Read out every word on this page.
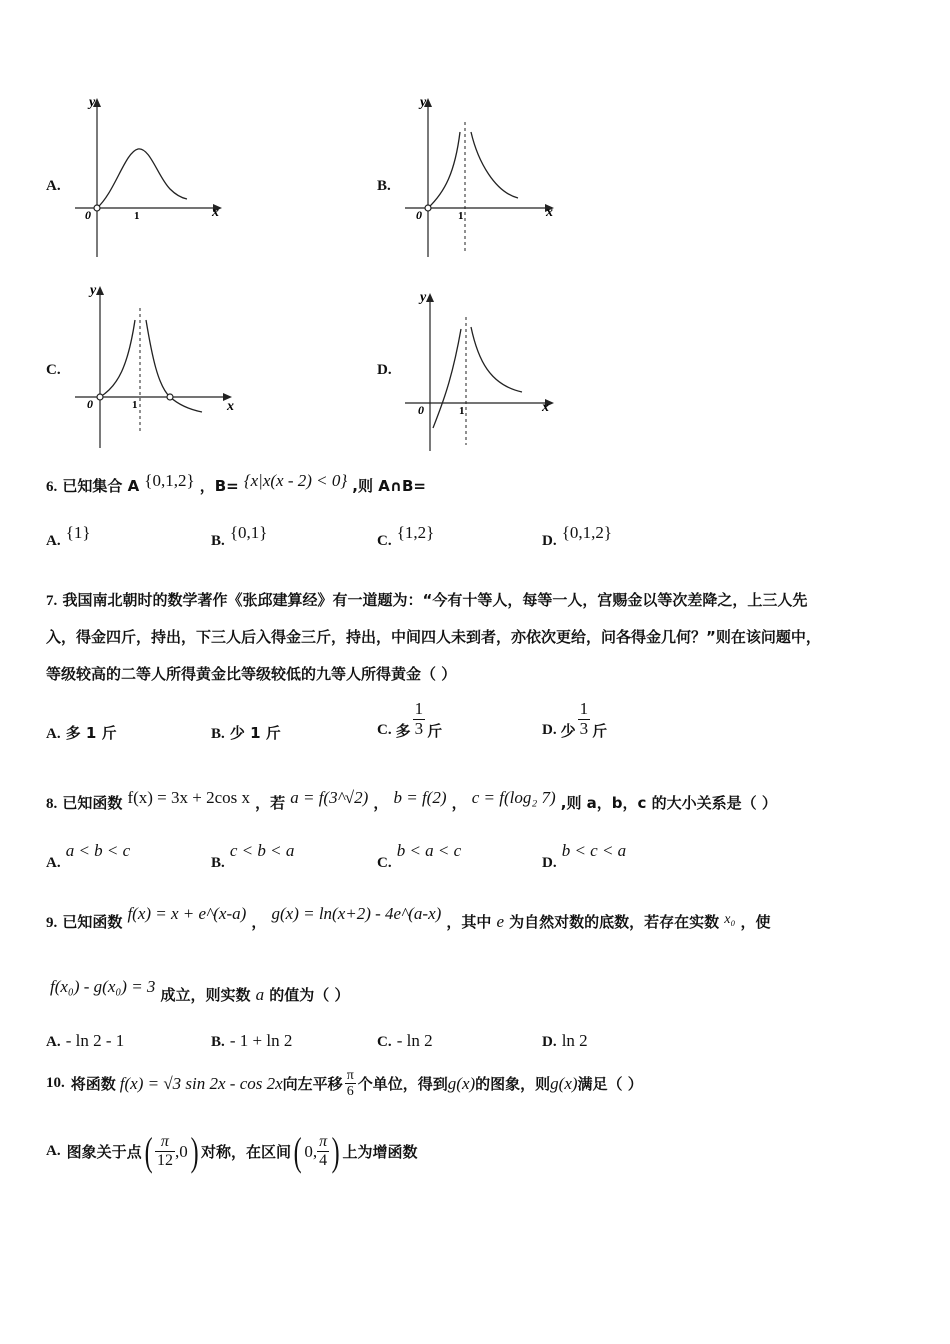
A.
y
x
0	1
B.
y
x
0	1
C.
y
x
0	1
D.
y
x
0	1
6. 已知集合 A {0,1,2} ，B= {x|x(x - 2) < 0} ,则 A∩B=
A. {1}	B. {0,1}	C. {1,2}	D. {0,1,2}
7. 我国南北朝时的数学著作《张邱建算经》有一道题为：“今有十等人，每等一人，宫赐金以等次差降之，上三人先
入，得金四斤，持出，下三人后入得金三斤，持出，中间四人未到者，亦依次更给，问各得金几何？”则在该问题中，
等级较高的二等人所得黄金比等级较低的九等人所得黄金（ ）
A. 多 1 斤	B. 少 1 斤	C. 多 $\frac{1}{3}$ 斤	D. 少 $\frac{1}{3}$ 斤
8. 已知函数 f(x) = 3x + 2cos x ，若 a = f(3^√2) ， b = f(2) ， c = f(log₂ 7) ,则 a，b，c 的大小关系是（ ）
A. a < b < c
B. c < b < a
C. b < a < c
D. b < c < a
9. 已知函数 f(x) = x + e^(x-a) ， g(x) = ln(x+2) - 4e^(a-x) ，其中 e 为自然对数的底数，若存在实数 x₀ ，使
f(x₀) - g(x₀) = 3 成立，则实数 a 的值为（ ）
A. - ln 2 - 1	B. - 1 + ln 2	C. - ln 2	D. ln 2
10. 将函数 f(x) = √3 sin 2x - cos 2x 向左平移 $\frac{\pi}{6}$ 个单位，得到 g(x) 的图象，则 g(x) 满足（ ）
A. 图象关于点 ( $\frac{\pi}{12} ,0$ ) 对称，在区间 ( 0, $\frac{\pi}{4}$ ) 上为增函数
